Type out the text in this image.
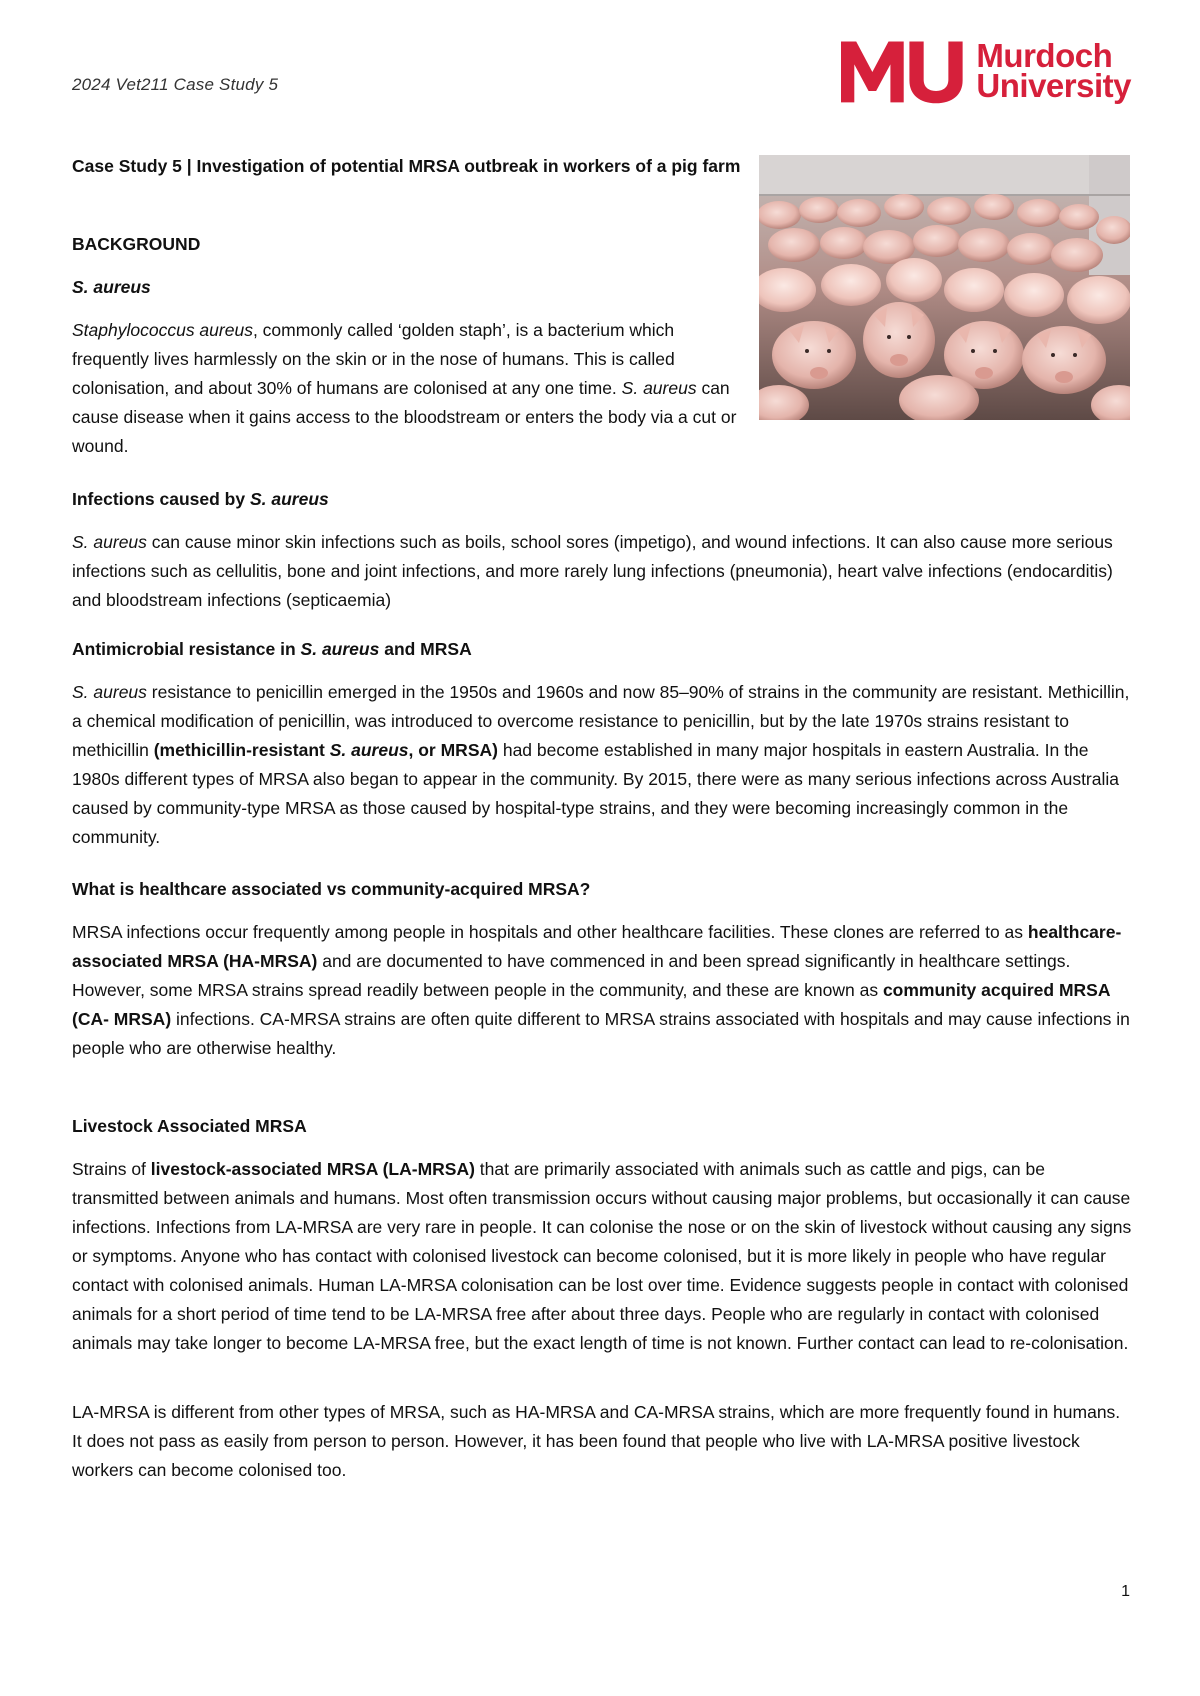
2024 Vet211 Case Study 5
Murdoch
University
Case Study 5 | Investigation of potential MRSA outbreak in workers of a pig farm

BACKGROUND

S. aureus

Staphylococcus aureus, commonly called ‘golden staph’, is a bacterium which frequently lives harmlessly on the skin or in the nose of humans. This is called colonisation, and about 30% of humans are colonised at any one time. S. aureus can cause disease when it gains access to the bloodstream or enters the body via a cut or wound.

Infections caused by S. aureus

S. aureus can cause minor skin infections such as boils, school sores (impetigo), and wound infections. It can also cause more serious infections such as cellulitis, bone and joint infections, and more rarely lung infections (pneumonia), heart valve infections (endocarditis) and bloodstream infections (septicaemia)

Antimicrobial resistance in S. aureus and MRSA

S. aureus resistance to penicillin emerged in the 1950s and 1960s and now 85–90% of strains in the community are resistant. Methicillin, a chemical modification of penicillin, was introduced to overcome resistance to penicillin, but by the late 1970s strains resistant to methicillin (methicillin-resistant S. aureus, or MRSA) had become established in many major hospitals in eastern Australia. In the 1980s different types of MRSA also began to appear in the community. By 2015, there were as many serious infections across Australia caused by community-type MRSA as those caused by hospital-type strains, and they were becoming increasingly common in the community.

What is healthcare associated vs community-acquired MRSA?

MRSA infections occur frequently among people in hospitals and other healthcare facilities. These clones are referred to as healthcare-associated MRSA (HA-MRSA) and are documented to have commenced in and been spread significantly in healthcare settings. However, some MRSA strains spread readily between people in the community, and these are known as community acquired MRSA (CA- MRSA) infections. CA-MRSA strains are often quite different to MRSA strains associated with hospitals and may cause infections in people who are otherwise healthy.

Livestock Associated MRSA

Strains of livestock-associated MRSA (LA-MRSA) that are primarily associated with animals such as cattle and pigs, can be transmitted between animals and humans. Most often transmission occurs without causing major problems, but occasionally it can cause infections. Infections from LA-MRSA are very rare in people. It can colonise the nose or on the skin of livestock without causing any signs or symptoms. Anyone who has contact with colonised livestock can become colonised, but it is more likely in people who have regular contact with colonised animals. Human LA-MRSA colonisation can be lost over time. Evidence suggests people in contact with colonised animals for a short period of time tend to be LA-MRSA free after about three days. People who are regularly in contact with colonised animals may take longer to become LA-MRSA free, but the exact length of time is not known. Further contact can lead to re-colonisation.

LA-MRSA is different from other types of MRSA, such as HA-MRSA and CA-MRSA strains, which are more frequently found in humans. It does not pass as easily from person to person. However, it has been found that people who live with LA-MRSA positive livestock workers can become colonised too.

1
